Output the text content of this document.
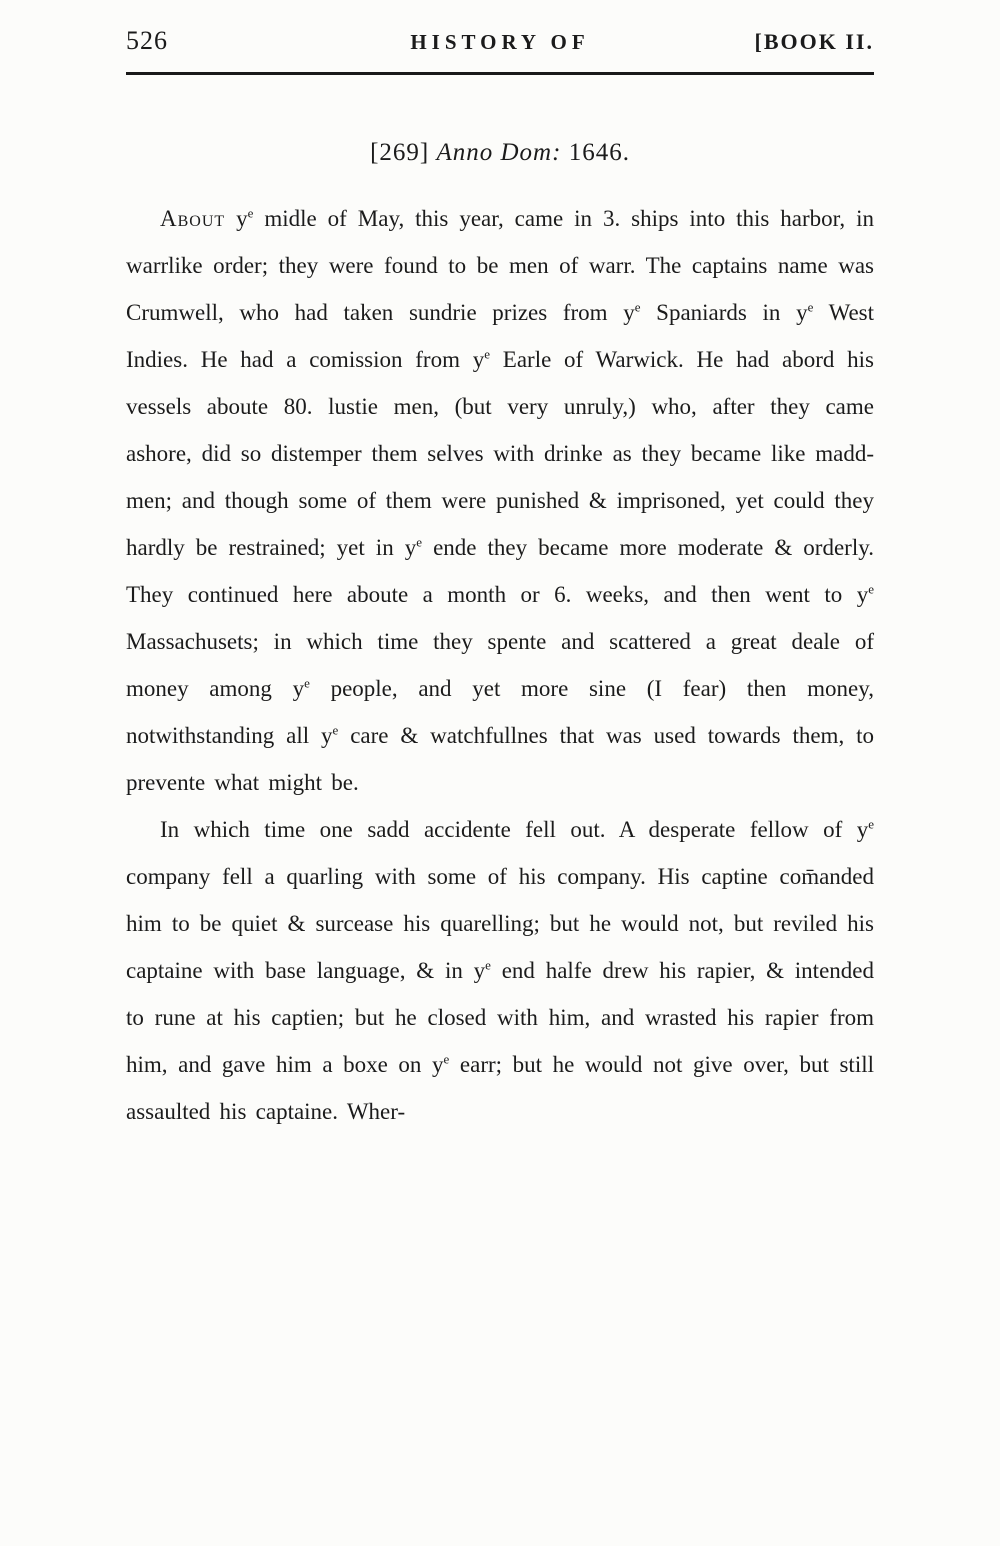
526	HISTORY OF	[BOOK II.
[269] Anno Dom: 1646.

About $y^e$ midle of May, this year, came in 3. ships into this harbor, in warrlike order; they were found to be men of warr. The captains name was Crumwell, who had taken sundrie prizes from $y^e$ Spaniards in $y^e$ West Indies. He had a comission from $y^e$ Earle of Warwick. He had abord his vessels aboute 80. lustie men, (but very unruly,) who, after they came ashore, did so distemper them selves with drinke as they became like madd-men; and though some of them were punished & imprisoned, yet could they hardly be restrained; yet in $y^e$ ende they became more moderate & orderly. They continued here aboute a month or 6. weeks, and then went to $y^e$ Massachusets; in which time they spente and scattered a great deale of money among $y^e$ people, and yet more sine (I fear) then money, notwithstanding all $y^e$ care & watchfullnes that was used towards them, to prevente what might be.

In which time one sadd accidente fell out. A desperate fellow of $y^e$ company fell a quarling with some of his company. His captine com̄anded him to be quiet & surcease his quarelling; but he would not, but reviled his captaine with base language, & in $y^e$ end halfe drew his rapier, & intended to rune at his captien; but he closed with him, and wrasted his rapier from him, and gave him a boxe on $y^e$ earr; but he would not give over, but still assaulted his captaine. Wher-
